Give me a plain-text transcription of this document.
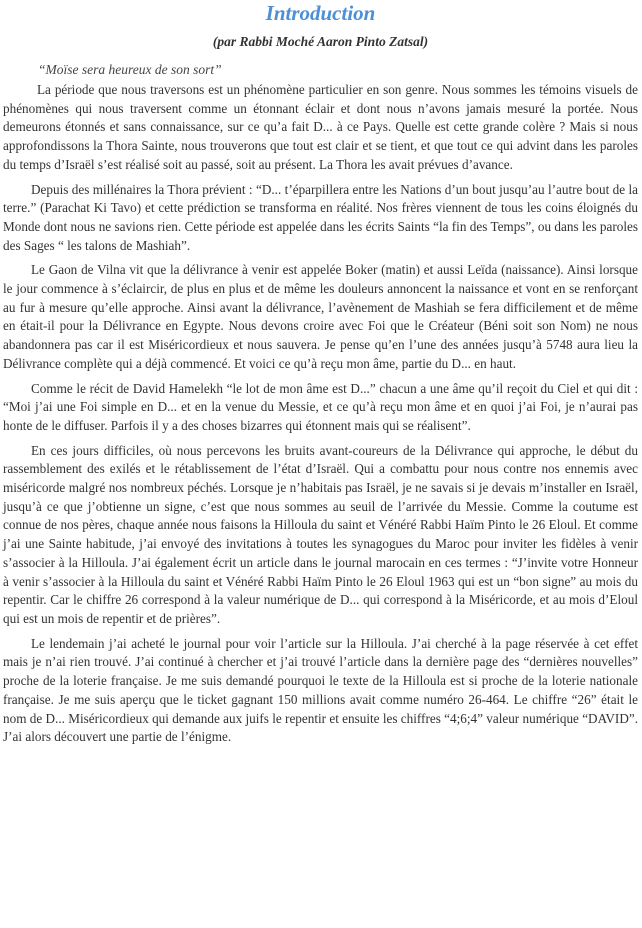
Introduction
(par Rabbi Moché Aaron Pinto Zatsal)
“Moïse sera heureux de son sort”

La période que nous traversons est un phénomène particulier en son genre. Nous sommes les témoins visuels de phénomènes qui nous traversent comme un étonnant éclair et dont nous n’avons jamais mesuré la portée. Nous demeurons étonnés et sans connaissance, sur ce qu’a fait D... à ce Pays. Quelle est cette grande colère ? Mais si nous approfondissons la Thora Sainte, nous trouverons que tout est clair et se tient, et que tout ce qui advint dans les paroles du temps d’Israël s’est réalisé soit au passé, soit au présent. La Thora les avait prévues d’avance.

Depuis des millénaires la Thora prévient : “D... t’éparpillera entre les Nations d’un bout jusqu’au l’autre bout de la terre.” (Parachat Ki Tavo) et cette prédiction se transforma en réalité. Nos frères viennent de tous les coins éloignés du Monde dont nous ne savions rien. Cette période est appelée dans les écrits Saints “la fin des Temps”, ou dans les paroles des Sages “ les talons de Mashiah”.

Le Gaon de Vilna vit que la délivrance à venir est appelée Boker (matin) et aussi Leïda (naissance). Ainsi lorsque le jour commence à s’éclaircir, de plus en plus et de même les douleurs annoncent la naissance et vont en se renforçant au fur à mesure qu’elle approche. Ainsi avant la délivrance, l’avènement de Mashiah se fera difficilement et de même en était-il pour la Délivrance en Egypte. Nous devons croire avec Foi que le Créateur (Béni soit son Nom) ne nous abandonnera pas car il est Miséricordieux et nous sauvera. Je pense qu’en l’une des années jusqu’à 5748 aura lieu la Délivrance complète qui a déjà commencé. Et voici ce qu’à reçu mon âme, partie du D... en haut.

Comme le récit de David Hamelekh “le lot de mon âme est D...” chacun a une âme qu’il reçoit du Ciel et qui dit : “Moi j’ai une Foi simple en D... et en la venue du Messie, et ce qu’à reçu mon âme et en quoi j’ai Foi, je n’aurai pas honte de le diffuser. Parfois il y a des choses bizarres qui étonnent mais qui se réalisent”.

En ces jours difficiles, où nous percevons les bruits avant-coureurs de la Délivrance qui approche, le début du rassemblement des exilés et le rétablissement de l’état d’Israël. Qui a combattu pour nous contre nos ennemis avec miséricorde malgré nos nombreux péchés. Lorsque je n’habitais pas Israël, je ne savais si je devais m’installer en Israël, jusqu’à ce que j’obtienne un signe, c’est que nous sommes au seuil de l’arrivée du Messie. Comme la coutume est connue de nos pères, chaque année nous faisons la Hilloula du saint et Vénéré Rabbi Haïm Pinto le 26 Eloul. Et comme j’ai une Sainte habitude, j’ai envoyé des invitations à toutes les synagogues du Maroc pour inviter les fidèles à venir s’associer à la Hilloula. J’ai également écrit un article dans le journal marocain en ces termes : “J’invite votre Honneur à venir s’associer à la Hilloula du saint et Vénéré Rabbi Haïm Pinto le 26 Eloul 1963 qui est un “bon signe” au mois du repentir. Car le chiffre 26 correspond à la valeur numérique de D... qui correspond à la Miséricorde, et au mois d’Eloul qui est un mois de repentir et de prières”.

Le lendemain j’ai acheté le journal pour voir l’article sur la Hilloula. J’ai cherché à la page réservée à cet effet mais je n’ai rien trouvé. J’ai continué à chercher et j’ai trouvé l’article dans la dernière page des “dernières nouvelles” proche de la loterie française. Je me suis demandé pourquoi le texte de la Hilloula est si proche de la loterie nationale française. Je me suis aperçu que le ticket gagnant 150 millions avait comme numéro 26-464. Le chiffre “26” était le nom de D... Miséricordieux qui demande aux juifs le repentir et ensuite les chiffres “4;6;4” valeur numérique “DAVID”. J’ai alors découvert une partie de l’énigme.
